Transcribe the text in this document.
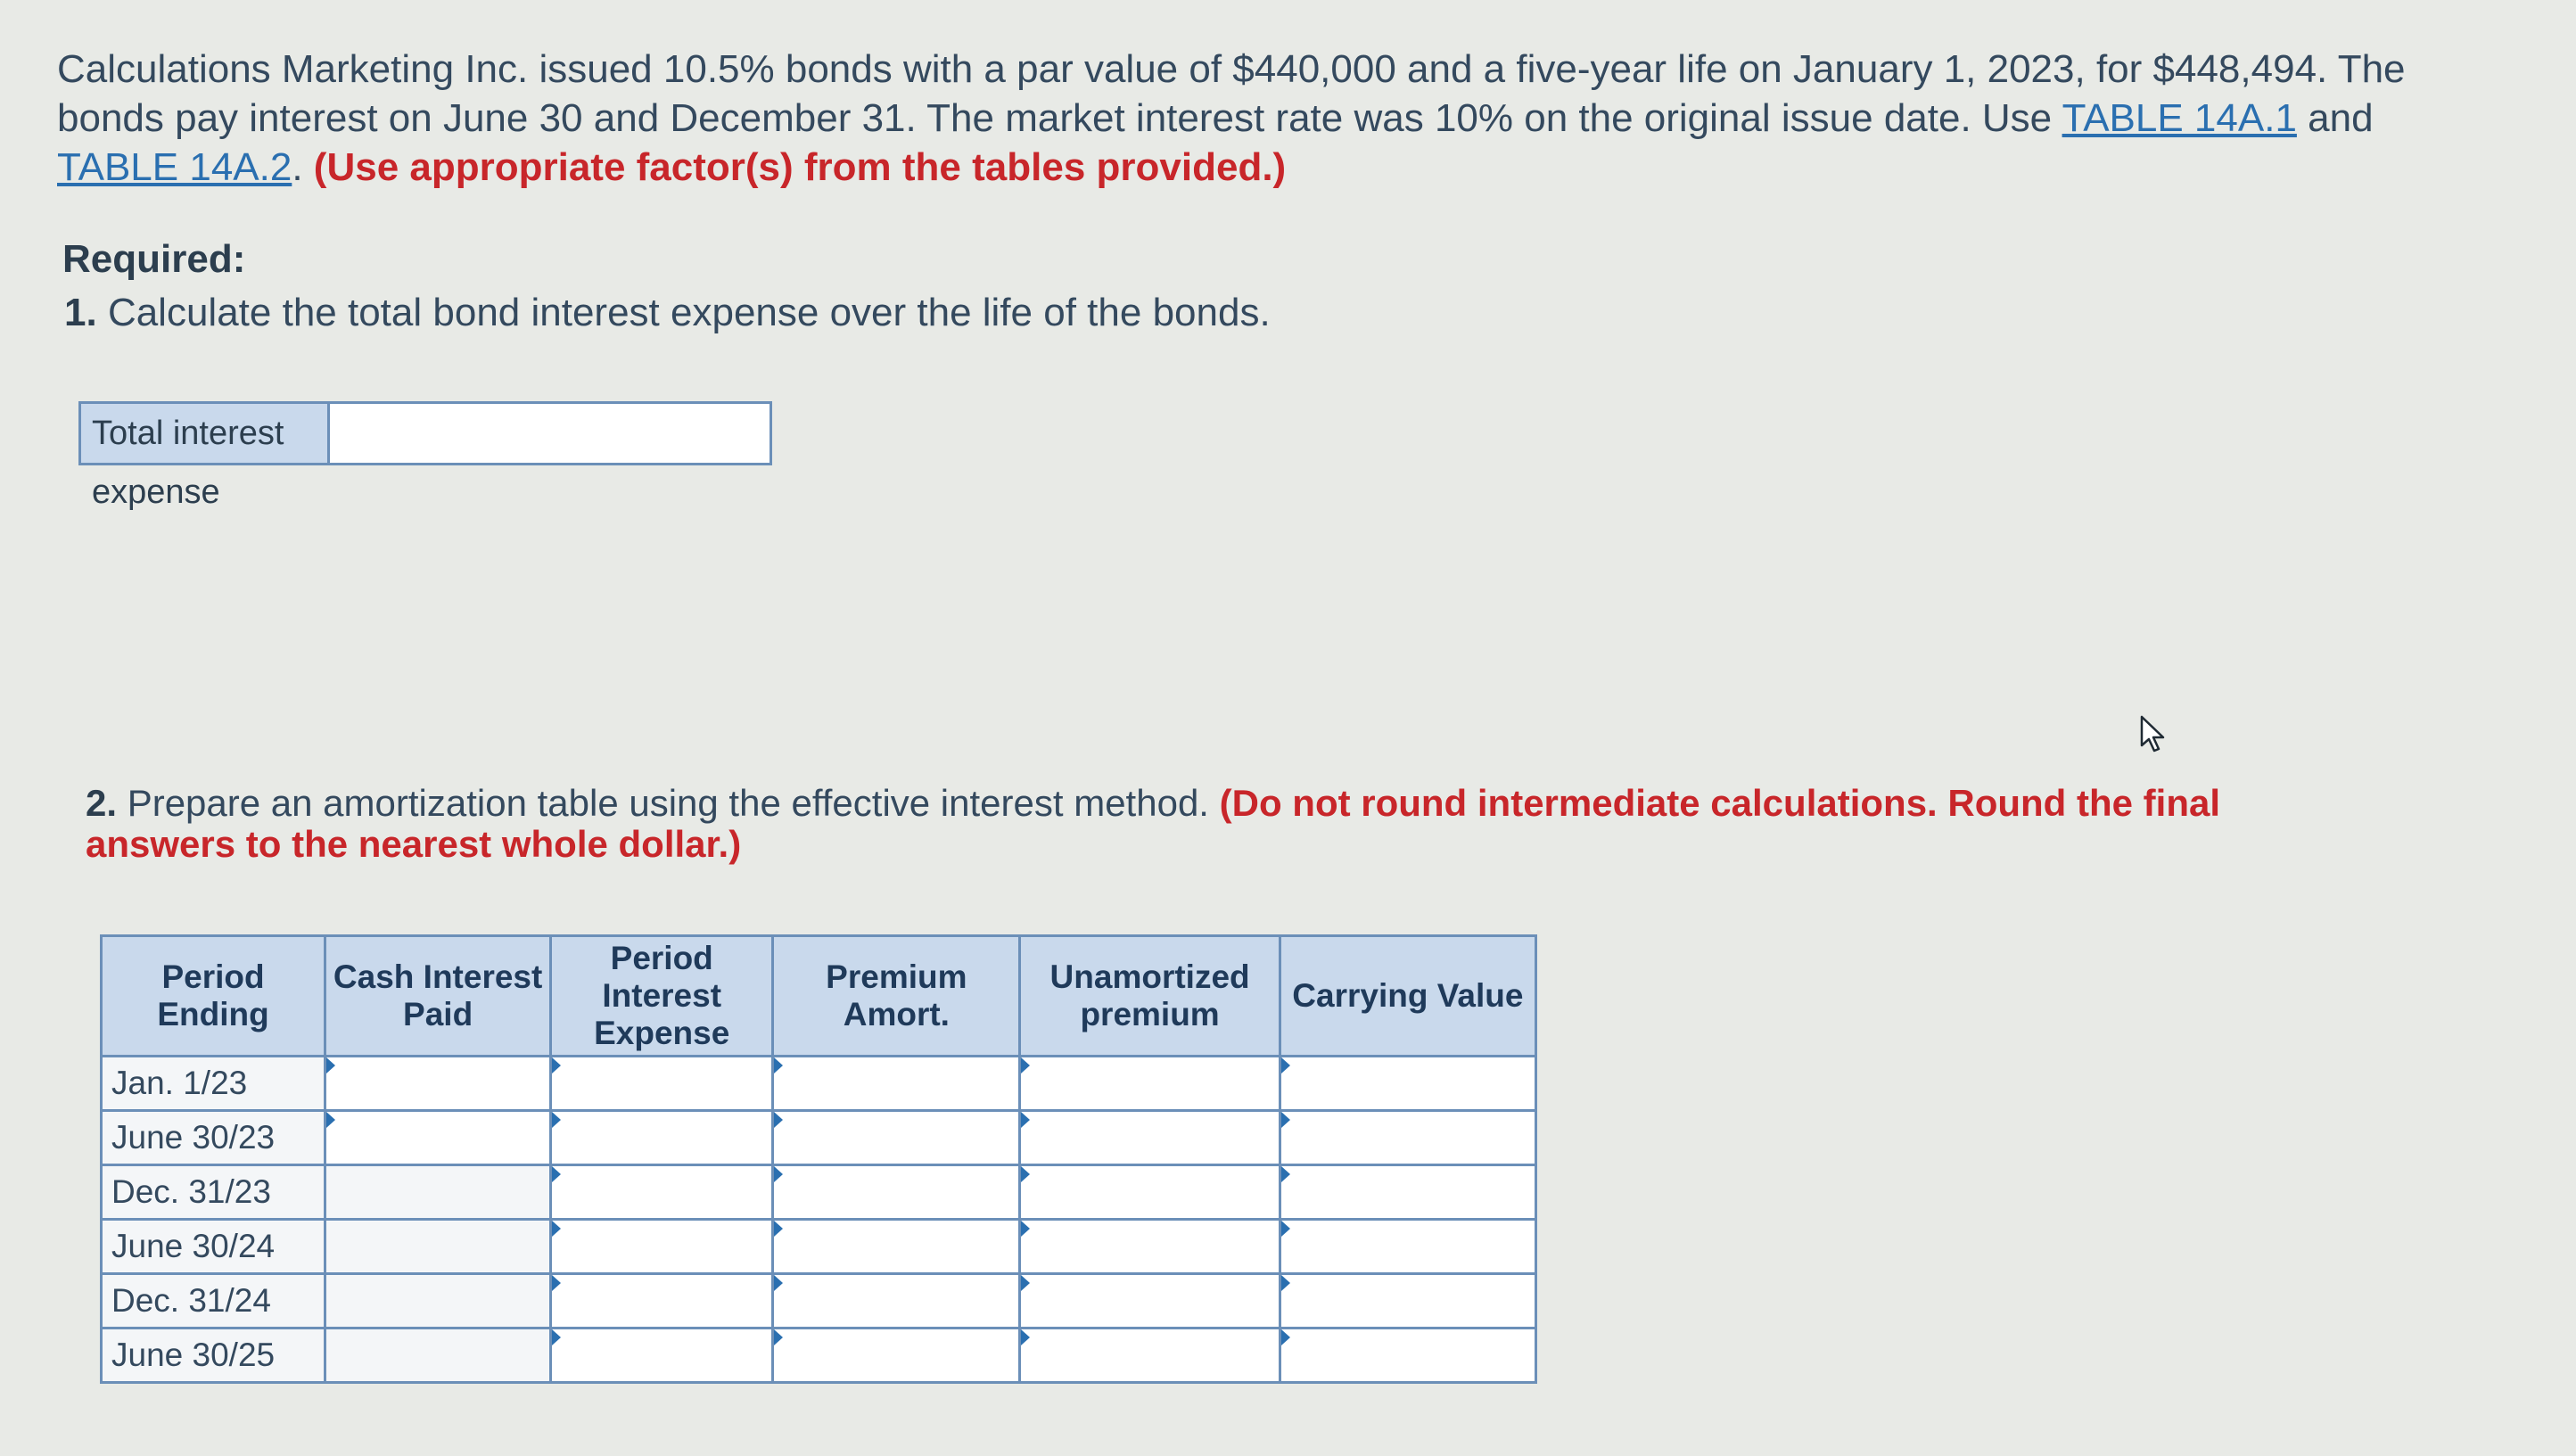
Calculations Marketing Inc. issued 10.5% bonds with a par value of $440,000 and a five-year life on January 1, 2023, for $448,494. The bonds pay interest on June 30 and December 31. The market interest rate was 10% on the original issue date. Use TABLE 14A.1 and TABLE 14A.2. (Use appropriate factor(s) from the tables provided.)
Required:
1. Calculate the total bond interest expense over the life of the bonds.
Total interest expense
2. Prepare an amortization table using the effective interest method. (Do not round intermediate calculations. Round the final answers to the nearest whole dollar.)
Period Ending	Cash Interest Paid	Period Interest Expense	Premium Amort.	Unamortized premium	Carrying Value
Jan. 1/23					
June 30/23					
Dec. 31/23					
June 30/24					
Dec. 31/24					
June 30/25					
